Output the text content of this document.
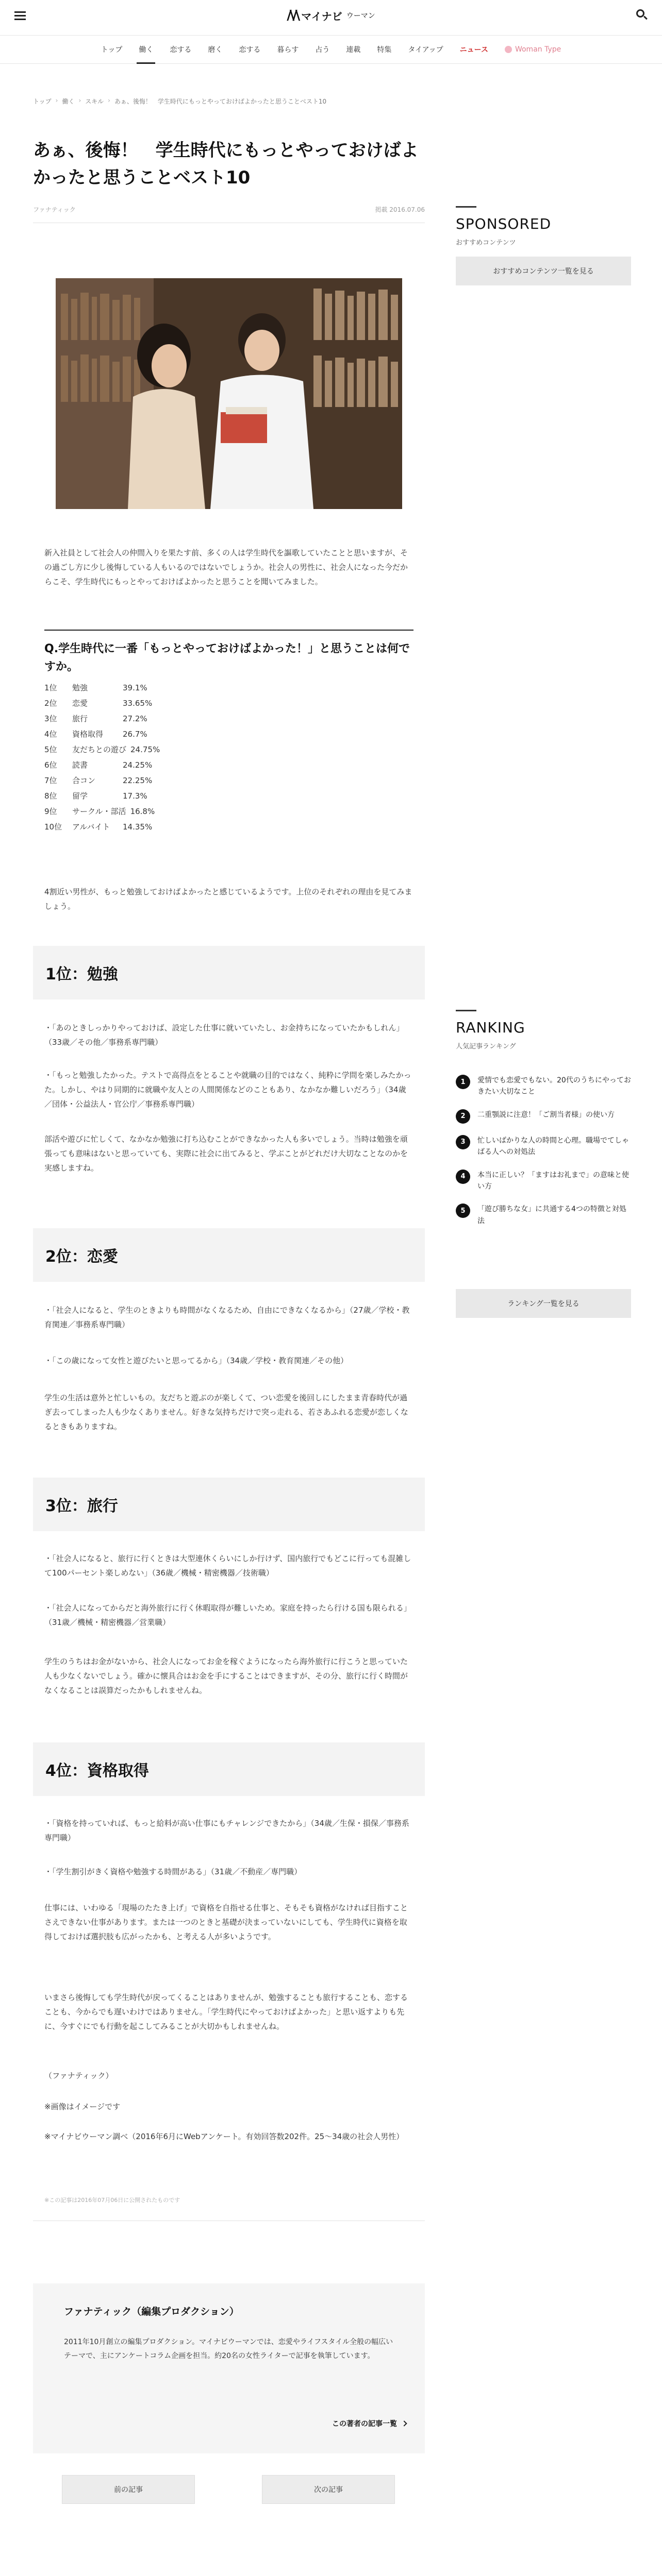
/\/\ マイナビ ウーマン
トップ	働く	恋する	磨く	恋する	暮らす	占う	連載	特集	タイアップ	ニュース	Woman Type
トップ › 働く › スキル › あぁ、後悔！　学生時代にもっとやっておけばよかったと思うことベスト10
あぁ、後悔！　学生時代にもっとやっておけばよかったと思うことベスト10
ファナティック	掲載 2016.07.06

新入社員として社会人の仲間入りを果たす前、多くの人は学生時代を謳歌していたことと思いますが、その過ごし方に少し後悔している人もいるのではないでしょうか。社会人の男性に、社会人になった今だからこそ、学生時代にもっとやっておけばよかったと思うことを聞いてみました。

Q.学生時代に一番「もっとやっておけばよかった！」と思うことは何ですか。
1位	勉強	39.1%
2位	恋愛	33.65%
3位	旅行	27.2%
4位	資格取得	26.7%
5位	友だちとの遊び 24.75%
6位	読書	24.25%
7位	合コン	22.25%
8位	留学	17.3%
9位	サークル・部活 16.8%
10位	アルバイト	14.35%

4割近い男性が、もっと勉強しておけばよかったと感じているようです。上位のそれぞれの理由を見てみましょう。

1位：勉強

・「あのときしっかりやっておけば、設定した仕事に就いていたし、お金持ちになっていたかもしれん」（33歳／その他／事務系専門職）

・「もっと勉強したかった。テストで高得点をとることや就職の目的ではなく、純粋に学問を楽しみたかった。しかし、やはり同期的に就職や友人との人間関係などのこともあり、なかなか難しいだろう」（34歳／団体・公益法人・官公庁／事務系専門職）

部活や遊びに忙しくて、なかなか勉強に打ち込むことができなかった人も多いでしょう。当時は勉強を頑張っても意味はないと思っていても、実際に社会に出てみると、学ぶことがどれだけ大切なことなのかを実感しますね。

2位：恋愛

・「社会人になると、学生のときよりも時間がなくなるため、自由にできなくなるから」（27歳／学校・教育関連／事務系専門職）

・「この歳になって女性と遊びたいと思ってるから」（34歳／学校・教育関連／その他）

学生の生活は意外と忙しいもの。友だちと遊ぶのが楽しくて、つい恋愛を後回しにしたまま青春時代が過ぎ去ってしまった人も少なくありません。好きな気持ちだけで突っ走れる、若さあふれる恋愛が恋しくなるときもありますね。

3位：旅行

・「社会人になると、旅行に行くときは大型連休くらいにしか行けず、国内旅行でもどこに行っても混雑して100パーセント楽しめない」（36歳／機械・精密機器／技術職）

・「社会人になってからだと海外旅行に行く休暇取得が難しいため。家庭を持ったら行ける国も限られる」（31歳／機械・精密機器／営業職）

学生のうちはお金がないから、社会人になってお金を稼ぐようになったら海外旅行に行こうと思っていた人も少なくないでしょう。確かに懐具合はお金を手にすることはできますが、その分、旅行に行く時間がなくなることは誤算だったかもしれませんね。

4位：資格取得

・「資格を持っていれば、もっと給料が高い仕事にもチャレンジできたから」（34歳／生保・損保／事務系専門職）

・「学生割引がきく資格や勉強する時間がある」（31歳／不動産／専門職）

仕事には、いわゆる「現場のたたき上げ」で資格を自指せる仕事と、そもそも資格がなければ目指すことさえできない仕事があります。または一つのときと基礎が決まっていないにしても、学生時代に資格を取得しておけば選択肢も広がったかも、と考える人が多いようです。

いまさら後悔しても学生時代が戻ってくることはありませんが、勉強することも旅行することも、恋することも、今からでも遅いわけではありません。「学生時代にやっておけばよかった」と思い返すよりも先に、今すぐにでも行動を起こしてみることが大切かもしれませんね。

（ファナティック）

※画像はイメージです

※マイナビウーマン調べ（2016年6月にWebアンケート。有効回答数202件。25～34歳の社会人男性）

※この記事は2016年07月06日に公開されたものです

ファナティック（編集プロダクション）
2011年10月創立の編集プロダクション。マイナビウーマンでは、恋愛やライフスタイル全般の幅広いテーマで、主にアンケートコラム企画を担当。約20名の女性ライターで記事を執筆しています。
この著者の記事一覧
前の記事	次の記事
SPONSORED
おすすめコンテンツ
おすすめコンテンツ一覧を見る
RANKING
人気記事ランキング
1	愛情でも恋愛でもない。20代のうちにやっておきたい大切なこと
2	二重顎説に注意！「ご割当者様」の使い方
3	忙しいばかりな人の時間と心理。職場でてしゃばる人への対処法
4	本当に正しい？「ますはお礼まで」の意味と使い方
5	「遊び勝ちな女」に共通する4つの特徴と対処法
ランキング一覧を見る
